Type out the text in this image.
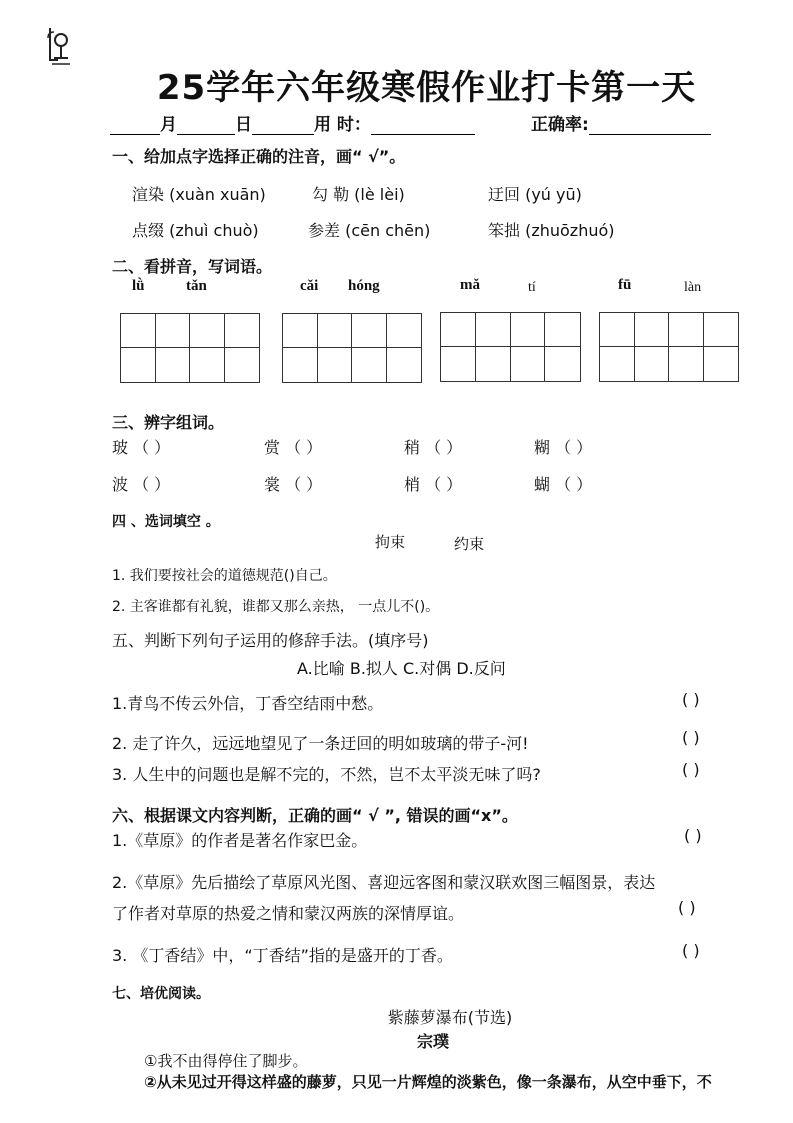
25学年六年级寒假作业打卡第一天
月	日	用 时：	正确率:
一、给加点字选择正确的注音，画“ √”。
渲染 (xuàn xuān)	勾 勒 (lè lèi)	迂回 (yú yū)
点缀 (zhuì chuò)	参差 (cēn chēn)	笨拙 (zhuōzhuó)
二、看拼音，写词语。
lǜ	tǎn	cǎi hóng	mǎ	tí	fū	làn
三、辨字组词。
玻 （ ）	赏 （ ）	稍 （ ）	糊 （ ）
波 （ ）	裳 （ ）	梢 （ ）	蝴 （ ）
四 、选词填空 。
拘束	约束
1. 我们要按社会的道德规范()自己。
2. 主客谁都有礼貌，谁都又那么亲热， 一点儿不()。
五、判断下列句子运用的修辞手法。(填序号)
A.比喻 B.拟人 C.对偶 D.反问
1.青鸟不传云外信，丁香空结雨中愁。	( )
2. 走了许久，远远地望见了一条迂回的明如玻璃的带子-河!	( )
3. 人生中的问题也是解不完的，不然，岂不太平淡无味了吗?	( )
六、根据课文内容判断，正确的画“ √ ”, 错误的画“x”。
1.《草原》的作者是著名作家巴金。	( )
2.《草原》先后描绘了草原风光图、喜迎远客图和蒙汉联欢图三幅图景，表达
了作者对草原的热爱之情和蒙汉两族的深情厚谊。	( )
3. 《丁香结》中，“丁香结”指的是盛开的丁香。	( )
七、培优阅读。
紫藤萝瀑布(节选)
宗璞
①我不由得停住了脚步。
②从未见过开得这样盛的藤萝，只见一片辉煌的淡紫色，像一条瀑布，从空中垂下，不
